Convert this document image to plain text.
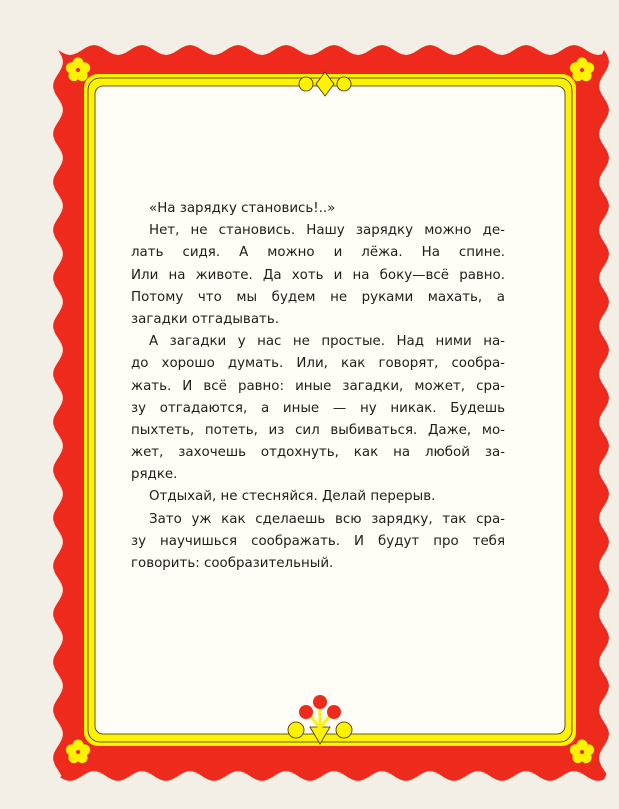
«На зарядку становись!..»
Нет, не становись. Нашу зарядку можно де-
лать сидя. А можно и лёжа. На спине.
Или на животе. Да хоть и на боку—всё равно.
Потому что мы будем не руками махать, а
загадки отгадывать.
А загадки у нас не простые. Над ними на-
до хорошо думать. Или, как говорят, сообра-
жать. И всё равно: иные загадки, может, сра-
зу отгадаются, а иные — ну никак. Будешь
пыхтеть, потеть, из сил выбиваться. Даже, мо-
жет, захочешь отдохнуть, как на любой за-
рядке.
Отдыхай, не стесняйся. Делай перерыв.
Зато уж как сделаешь всю зарядку, так сра-
зу научишься соображать. И будут про тебя
говорить: сообразительный.
